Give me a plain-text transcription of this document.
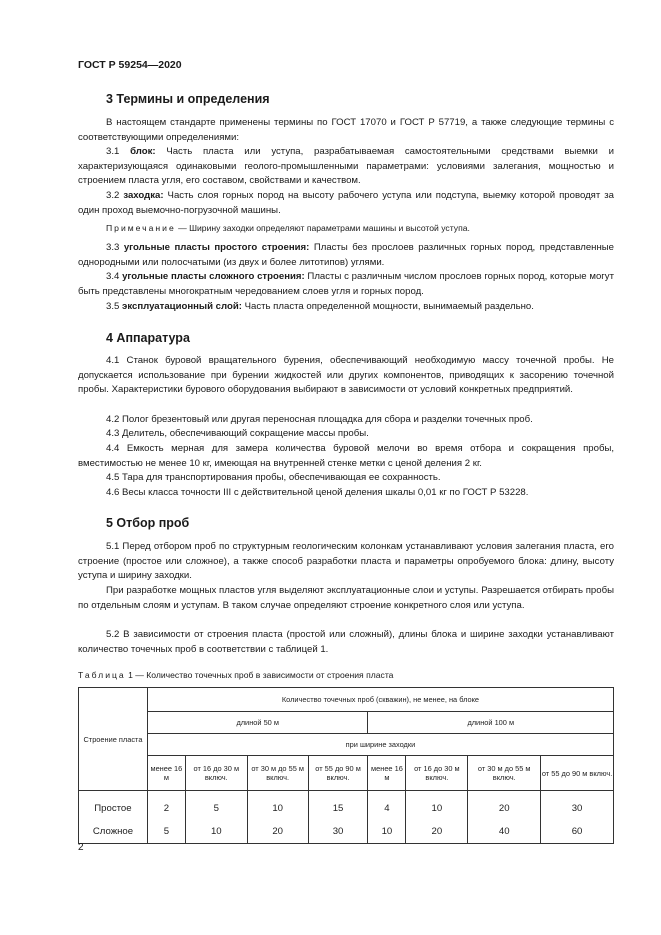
ГОСТ Р 59254—2020
3 Термины и определения
В настоящем стандарте применены термины по ГОСТ 17070 и ГОСТ Р 57719, а также следующие термины с соответствующими определениями:
3.1 блок: Часть пласта или уступа, разрабатываемая самостоятельными средствами выемки и характеризующаяся одинаковыми геолого-промышленными параметрами: условиями залегания, мощностью и строением пласта угля, его составом, свойствами и качеством.
3.2 заходка: Часть слоя горных пород на высоту рабочего уступа или подступа, выемку которой проводят за один проход выемочно-погрузочной машины.
Примечание — Ширину заходки определяют параметрами машины и высотой уступа.
3.3 угольные пласты простого строения: Пласты без прослоев различных горных пород, представленные однородными или полосчатыми (из двух и более литотипов) углями.
3.4 угольные пласты сложного строения: Пласты с различным числом прослоев горных пород, которые могут быть представлены многократным чередованием слоев угля и горных пород.
3.5 эксплуатационный слой: Часть пласта определенной мощности, вынимаемый раздельно.
4 Аппаратура
4.1 Станок буровой вращательного бурения, обеспечивающий необходимую массу точечной пробы. Не допускается использование при бурении жидкостей или других компонентов, приводящих к засорению точечной пробы. Характеристики бурового оборудования выбирают в зависимости от условий конкретных предприятий.
4.2 Полог брезентовый или другая переносная площадка для сбора и разделки точечных проб.
4.3 Делитель, обеспечивающий сокращение массы пробы.
4.4 Емкость мерная для замера количества буровой мелочи во время отбора и сокращения пробы, вместимостью не менее 10 кг, имеющая на внутренней стенке метки с ценой деления 2 кг.
4.5 Тара для транспортирования пробы, обеспечивающая ее сохранность.
4.6 Весы класса точности III с действительной ценой деления шкалы 0,01 кг по ГОСТ Р 53228.
5 Отбор проб
5.1 Перед отбором проб по структурным геологическим колонкам устанавливают условия залегания пласта, его строение (простое или сложное), а также способ разработки пласта и параметры опробуемого блока: длину, высоту уступа и ширину заходки.
При разработке мощных пластов угля выделяют эксплуатационные слои и уступы. Разрешается отбирать пробы по отдельным слоям и уступам. В таком случае определяют строение конкретного слоя или уступа.
5.2 В зависимости от строения пласта (простой или сложный), длины блока и ширине заходки устанавливают количество точечных проб в соответствии с таблицей 1.
Таблица 1 — Количество точечных проб в зависимости от строения пласта
Строение пласта	Количество точечных проб (скважин), не менее, на блоке							
	длиной 50 м				длиной 100 м			
	при ширине заходки							
	менее 16 м	от 16 до 30 м включ.	от 30 м до 55 м включ.	от 55 до 90 м включ.	менее 16 м	от 16 до 30 м включ.	от 30 м до 55 м включ.	от 55 до 90 м включ.

Простое	2	5	10	15	4	10	20	30
Сложное	5	10	20	30	10	20	40	60
2
